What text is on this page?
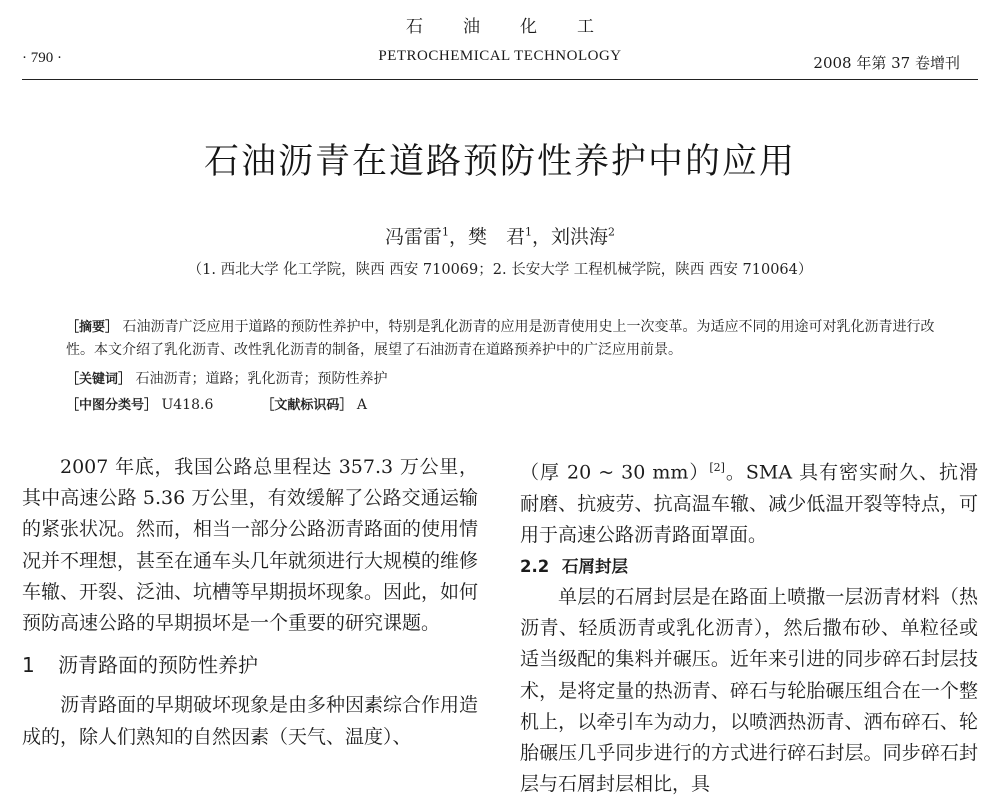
石油化工
PETROCHEMICAL TECHNOLOGY
· 790 ·	2008 年第 37 卷增刊
石油沥青在道路预防性养护中的应用
冯雷雷$^1$，樊　君$^1$，刘洪海$^2$
（1. 西北大学 化工学院，陕西 西安 710069；2. 长安大学 工程机械学院，陕西 西安 710064）
［摘要］ 石油沥青广泛应用于道路的预防性养护中，特别是乳化沥青的应用是沥青使用史上一次变革。为适应不同的用途可对乳化沥青进行改性。本文介绍了乳化沥青、改性乳化沥青的制备，展望了石油沥青在道路预养护中的广泛应用前景。
［关键词］ 石油沥青；道路；乳化沥青；预防性养护
［中图分类号］ U418.6	［文献标识码］ A

2007 年底，我国公路总里程达 357.3 万公里，其中高速公路 5.36 万公里，有效缓解了公路交通运输的紧张状况。然而，相当一部分公路沥青路面的使用情况并不理想，甚至在通车头几年就须进行大规模的维修车辙、开裂、泛油、坑槽等早期损坏现象。因此，如何预防高速公路的早期损坏是一个重要的研究课题。

1 沥青路面的预防性养护

沥青路面的早期破坏现象是由多种因素综合作用造成的，除人们熟知的自然因素（天气、温度）、

（厚 20 ~ 30 mm）[2]。SMA 具有密实耐久、抗滑耐磨、抗疲劳、抗高温车辙、减少低温开裂等特点，可用于高速公路沥青路面罩面。

2.2 石屑封层

单层的石屑封层是在路面上喷撒一层沥青材料（热沥青、轻质沥青或乳化沥青），然后撒布砂、单粒径或适当级配的集料并碾压。近年来引进的同步碎石封层技术，是将定量的热沥青、碎石与轮胎碾压组合在一个整机上，以牵引车为动力，以喷洒热沥青、洒布碎石、轮胎碾压几乎同步进行的方式进行碎石封层。同步碎石封层与石屑封层相比，具
